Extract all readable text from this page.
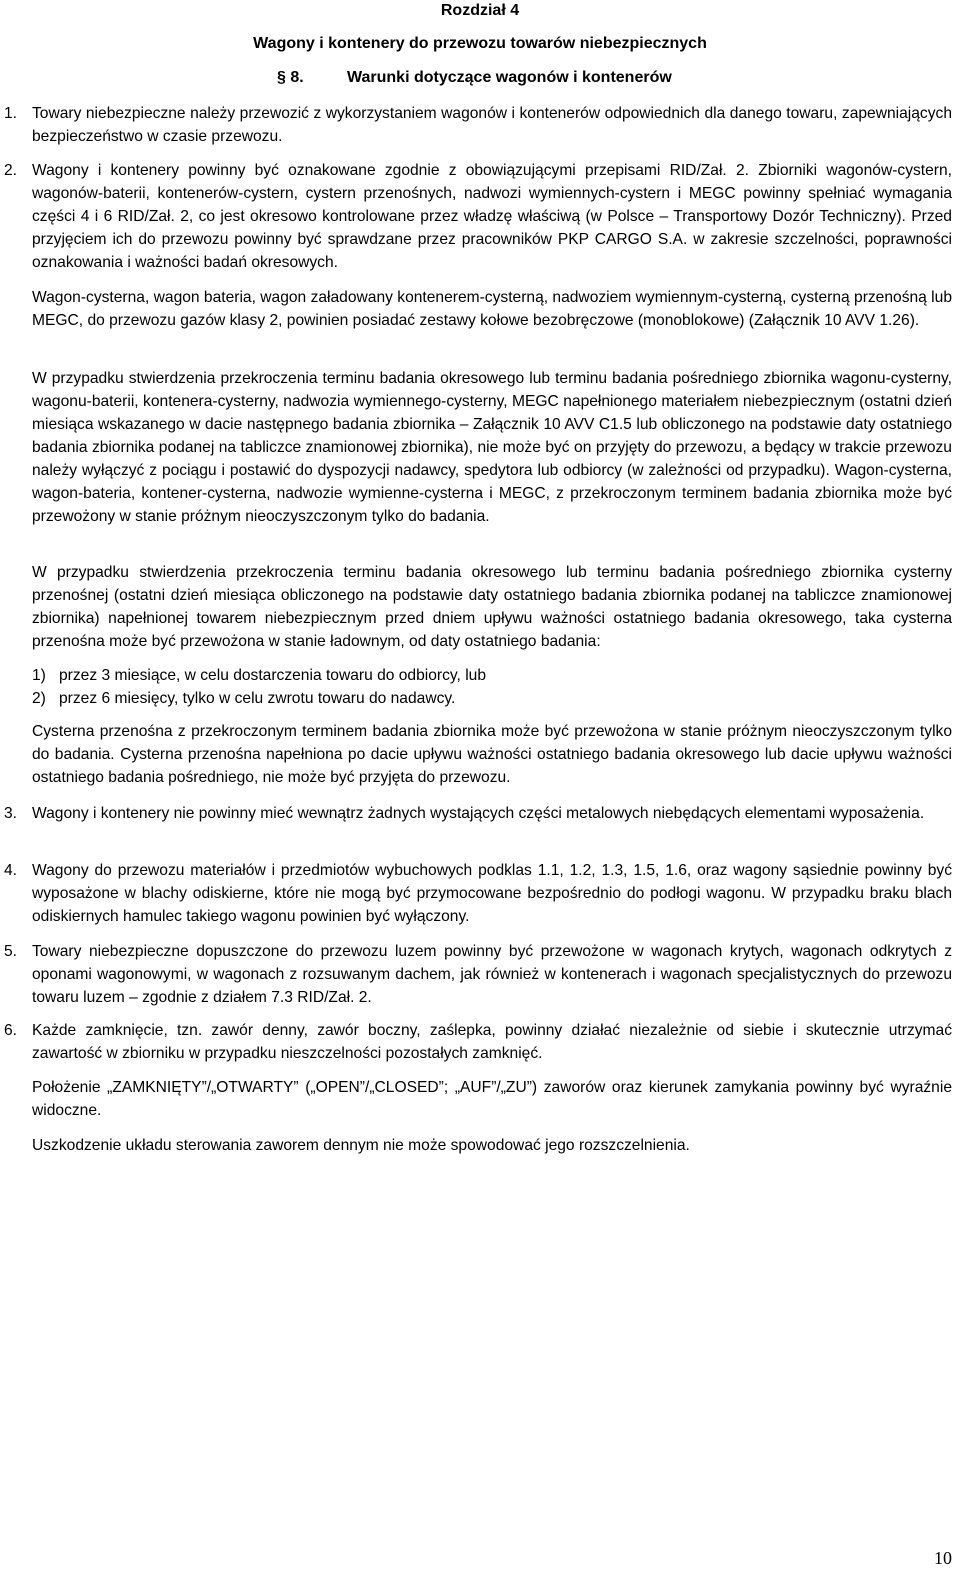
Rozdział 4
Wagony i kontenery do przewozu towarów niebezpiecznych
§ 8.	Warunki dotyczące wagonów i kontenerów
1. Towary niebezpieczne należy przewozić z wykorzystaniem wagonów i kontenerów odpowiednich dla danego towaru, zapewniających bezpieczeństwo w czasie przewozu.
2. Wagony i kontenery powinny być oznakowane zgodnie z obowiązującymi przepisami RID/Zał. 2. Zbiorniki wagonów-cystern, wagonów-baterii, kontenerów-cystern, cystern przenośnych, nadwozi wymiennych-cystern i MEGC powinny spełniać wymagania części 4 i 6 RID/Zał. 2, co jest okresowo kontrolowane przez władzę właściwą (w Polsce – Transportowy Dozór Techniczny). Przed przyjęciem ich do przewozu powinny być sprawdzane przez pracowników PKP CARGO S.A. w zakresie szczelności, poprawności oznakowania i ważności badań okresowych.
Wagon-cysterna, wagon bateria, wagon załadowany kontenerem-cysterną, nadwoziem wymiennym-cysterną, cysterną przenośną lub MEGC, do przewozu gazów klasy 2, powinien posiadać zestawy kołowe bezobręczowe (monoblokowe) (Załącznik 10 AVV 1.26).
W przypadku stwierdzenia przekroczenia terminu badania okresowego lub terminu badania pośredniego zbiornika wagonu-cysterny, wagonu-baterii, kontenera-cysterny, nadwozia wymiennego-cysterny, MEGC napełnionego materiałem niebezpiecznym (ostatni dzień miesiąca wskazanego w dacie następnego badania zbiornika – Załącznik 10 AVV C1.5 lub obliczonego na podstawie daty ostatniego badania zbiornika podanej na tabliczce znamionowej zbiornika), nie może być on przyjęty do przewozu, a będący w trakcie przewozu należy wyłączyć z pociągu i postawić do dyspozycji nadawcy, spedytora lub odbiorcy (w zależności od przypadku). Wagon-cysterna, wagon-bateria, kontener-cysterna, nadwozie wymienne-cysterna i MEGC, z przekroczonym terminem badania zbiornika może być przewożony w stanie próżnym nieoczyszczonym tylko do badania.
W przypadku stwierdzenia przekroczenia terminu badania okresowego lub terminu badania pośredniego zbiornika cysterny przenośnej (ostatni dzień miesiąca obliczonego na podstawie daty ostatniego badania zbiornika podanej na tabliczce znamionowej zbiornika) napełnionej towarem niebezpiecznym przed dniem upływu ważności ostatniego badania okresowego, taka cysterna przenośna może być przewożona w stanie ładownym, od daty ostatniego badania:
1) przez 3 miesiące, w celu dostarczenia towaru do odbiorcy, lub
2) przez 6 miesięcy, tylko w celu zwrotu towaru do nadawcy.
Cysterna przenośna z przekroczonym terminem badania zbiornika może być przewożona w stanie próżnym nieoczyszczonym tylko do badania. Cysterna przenośna napełniona po dacie upływu ważności ostatniego badania okresowego lub dacie upływu ważności ostatniego badania pośredniego, nie może być przyjęta do przewozu.
3. Wagony i kontenery nie powinny mieć wewnątrz żadnych wystających części metalowych niebędących elementami wyposażenia.
4. Wagony do przewozu materiałów i przedmiotów wybuchowych podklas 1.1, 1.2, 1.3, 1.5, 1.6, oraz wagony sąsiednie powinny być wyposażone w blachy odiskierne, które nie mogą być przymocowane bezpośrednio do podłogi wagonu. W przypadku braku blach odiskiernych hamulec takiego wagonu powinien być wyłączony.
5. Towary niebezpieczne dopuszczone do przewozu luzem powinny być przewożone w wagonach krytych, wagonach odkrytych z oponami wagonowymi, w wagonach z rozsuwanym dachem, jak również w kontenerach i wagonach specjalistycznych do przewozu towaru luzem – zgodnie z działem 7.3 RID/Zał. 2.
6. Każde zamknięcie, tzn. zawór denny, zawór boczny, zaślepka, powinny działać niezależnie od siebie i skutecznie utrzymać zawartość w zbiorniku w przypadku nieszczelności pozostałych zamknięć.
Położenie „ZAMKNIĘTY”/„OTWARTY” („OPEN”/„CLOSED”; „AUF”/„ZU”) zaworów oraz kierunek zamykania powinny być wyraźnie widoczne.
Uszkodzenie układu sterowania zaworem dennym nie może spowodować jego rozszczelnienia.
10
